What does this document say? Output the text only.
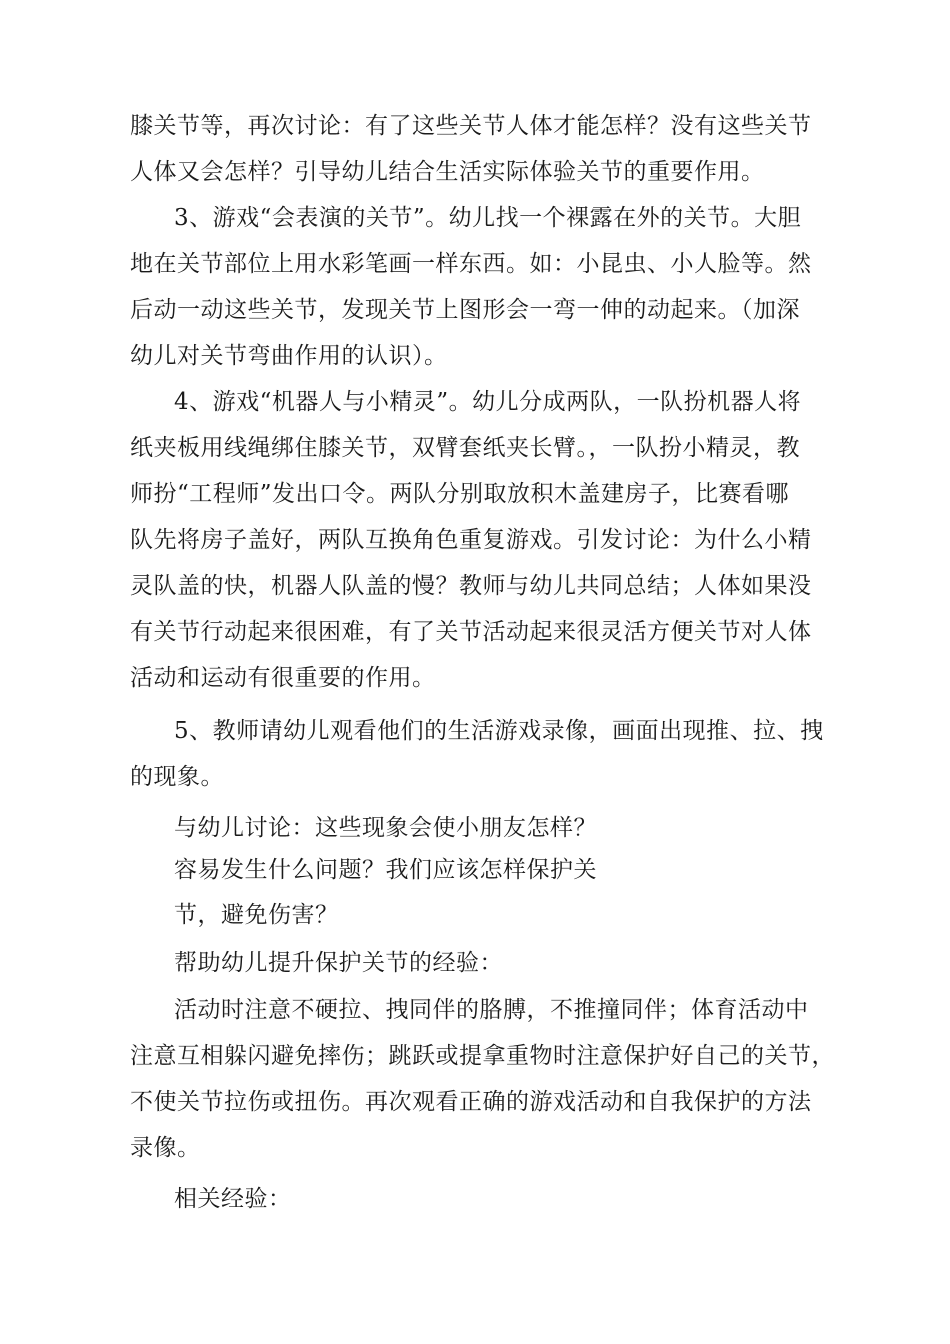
膝关节等，再次讨论：有了这些关节人体才能怎样？没有这些关节
人体又会怎样？引导幼儿结合生活实际体验关节的重要作用。
3、游戏“会表演的关节”。幼儿找一个裸露在外的关节。大胆
地在关节部位上用水彩笔画一样东西。如：小昆虫、小人脸等。然
后动一动这些关节，发现关节上图形会一弯一伸的动起来。（加深
幼儿对关节弯曲作用的认识）。
4、游戏“机器人与小精灵”。幼儿分成两队，一队扮机器人将
纸夹板用线绳绑住膝关节，双臂套纸夹长臂。，一队扮小精灵，教
师扮“工程师”发出口令。两队分别取放积木盖建房子，比赛看哪
队先将房子盖好，两队互换角色重复游戏。引发讨论：为什么小精
灵队盖的快，机器人队盖的慢？教师与幼儿共同总结；人体如果没
有关节行动起来很困难，有了关节活动起来很灵活方便关节对人体
活动和运动有很重要的作用。
5、教师请幼儿观看他们的生活游戏录像，画面出现推、拉、拽
的现象。
与幼儿讨论：这些现象会使小朋友怎样？
容易发生什么问题？我们应该怎样保护关
节，避免伤害？
帮助幼儿提升保护关节的经验：
活动时注意不硬拉、拽同伴的胳膊，不推撞同伴；体育活动中
注意互相躲闪避免摔伤；跳跃或提拿重物时注意保护好自己的关节，
不使关节拉伤或扭伤。再次观看正确的游戏活动和自我保护的方法
录像。
相关经验：
